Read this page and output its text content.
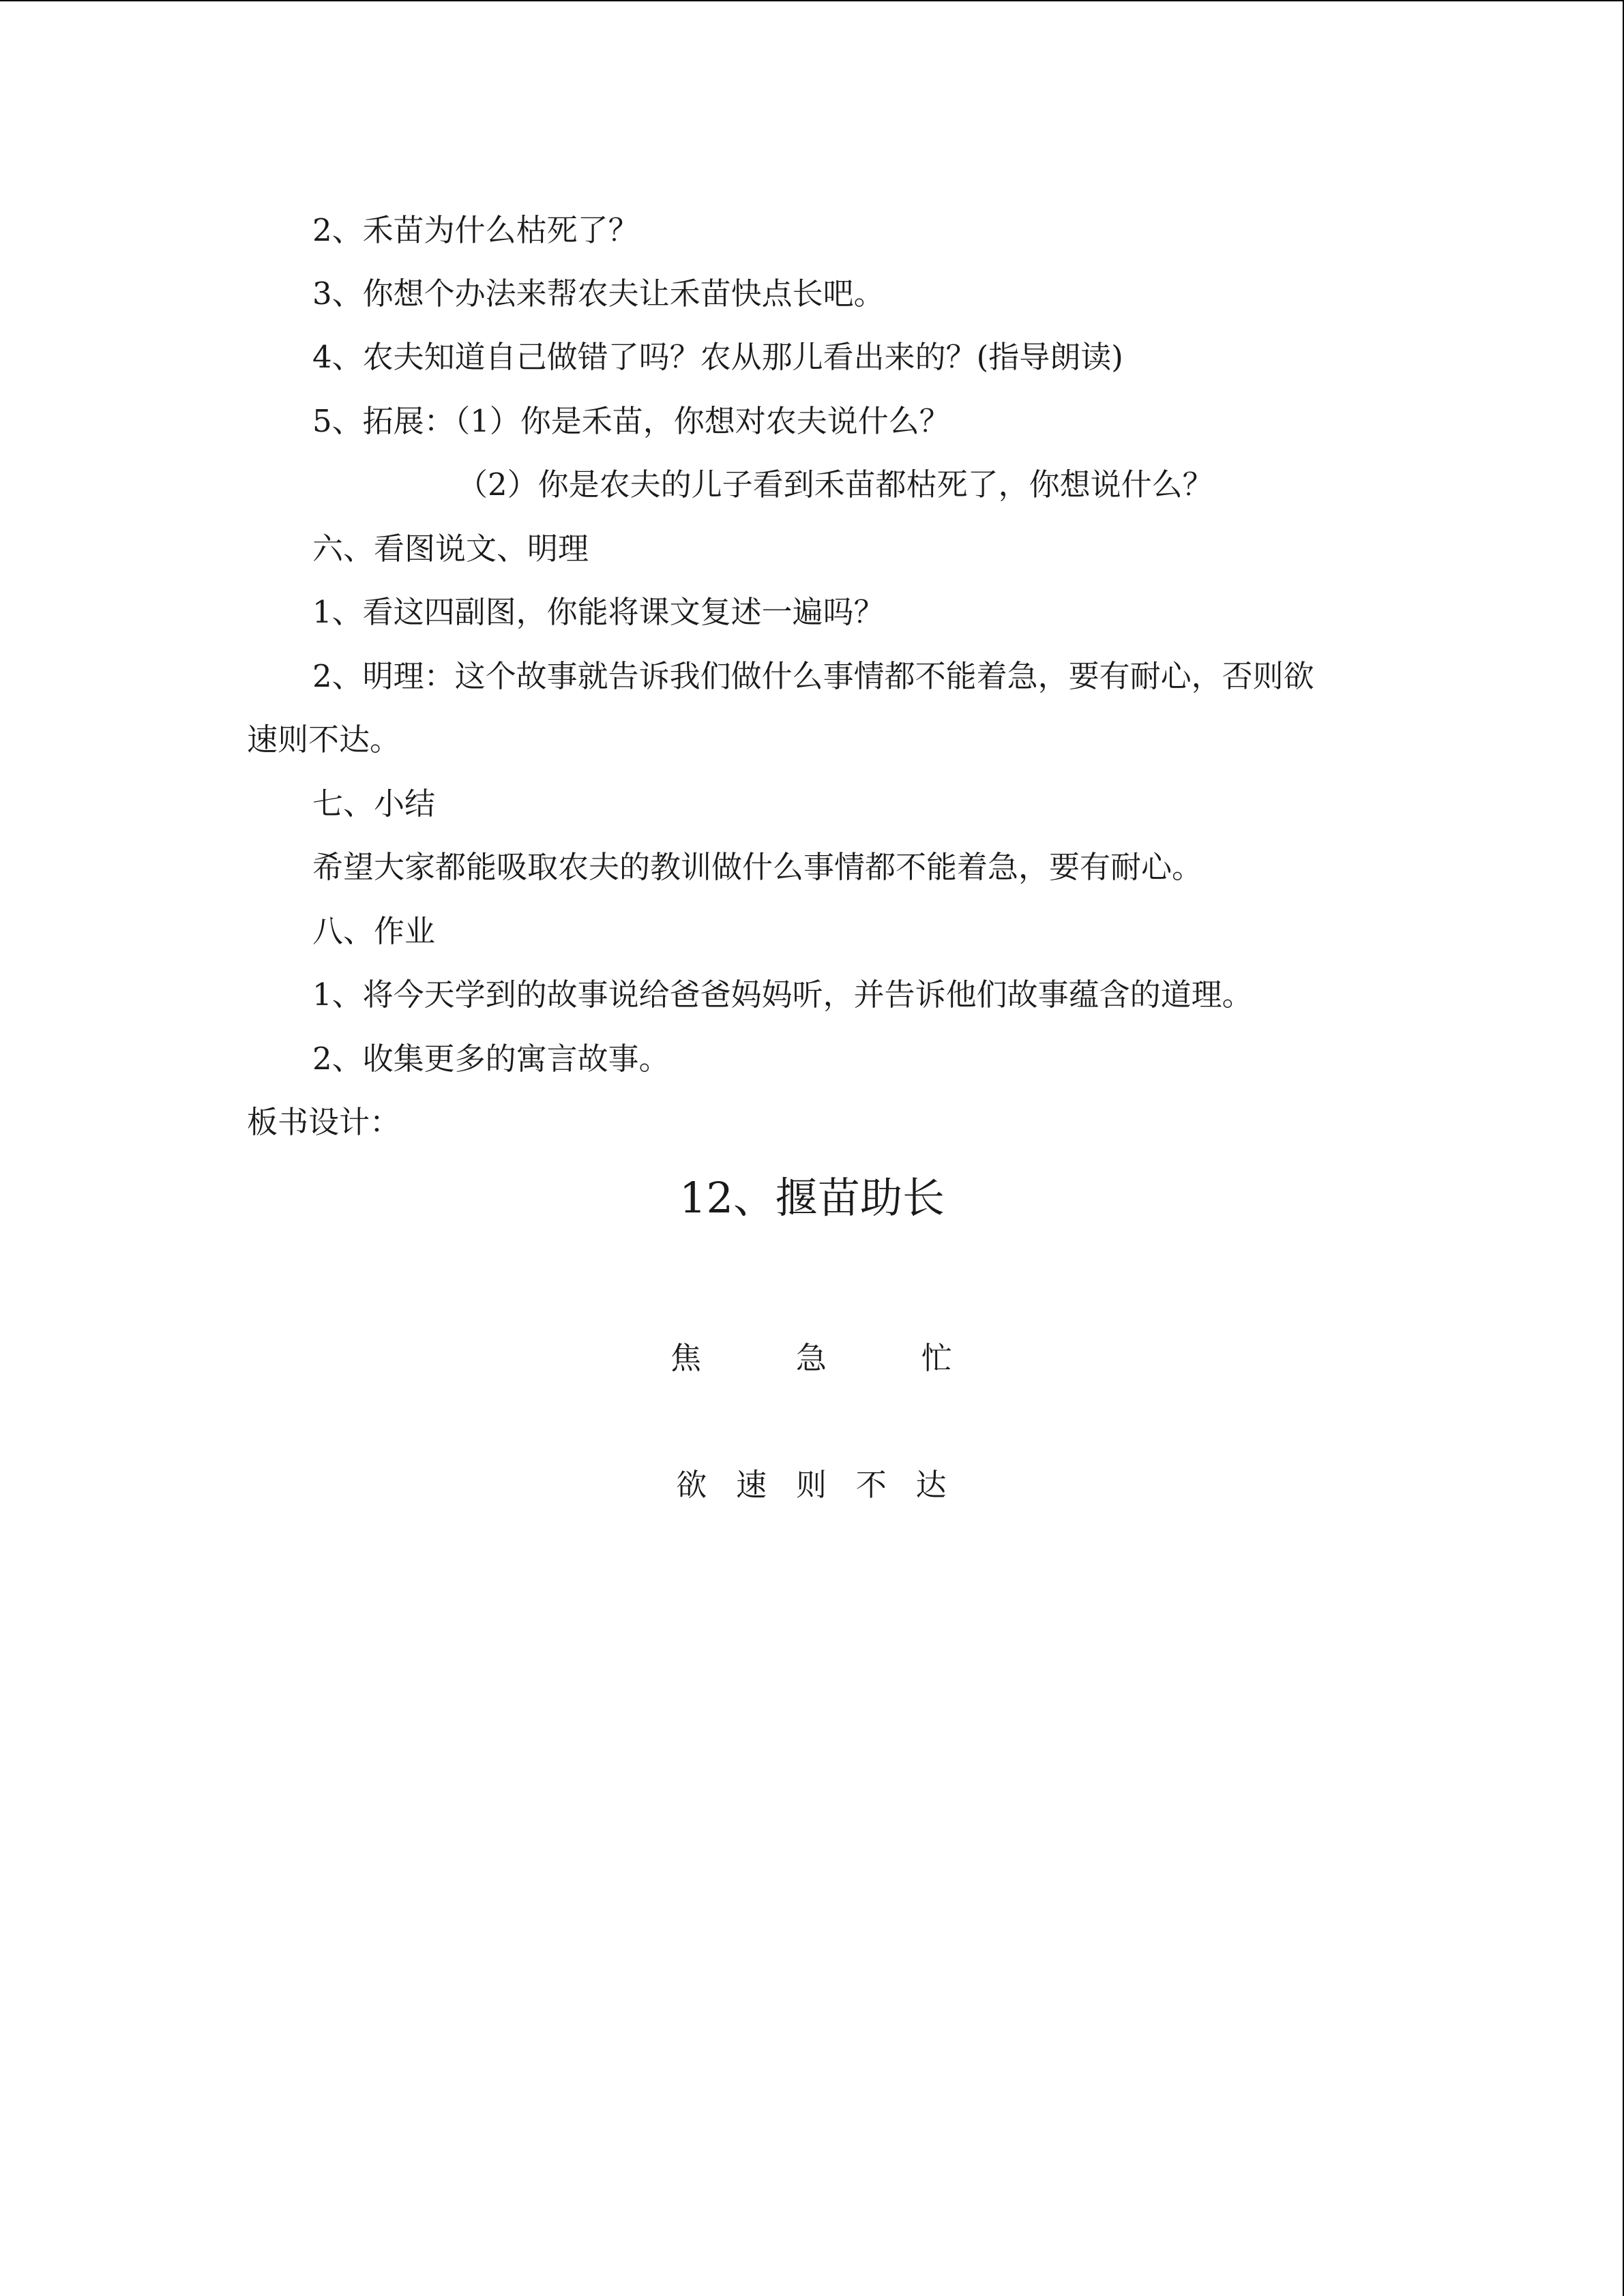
2、禾苗为什么枯死了？
3、你想个办法来帮农夫让禾苗快点长吧。
4、农夫知道自己做错了吗？农从那儿看出来的？(指导朗读)
5、拓展：（1）你是禾苗，你想对农夫说什么？
（2）你是农夫的儿子看到禾苗都枯死了，你想说什么？
六、看图说文、明理
1、看这四副图，你能将课文复述一遍吗？
2、明理：这个故事就告诉我们做什么事情都不能着急，要有耐心，否则欲
速则不达。
七、小结
希望大家都能吸取农夫的教训做什么事情都不能着急，要有耐心。
八、作业
1、将今天学到的故事说给爸爸妈妈听，并告诉他们故事蕴含的道理。
2、收集更多的寓言故事。
板书设计：
12、揠苗助长
焦	急	忙
欲 速 则 不 达
